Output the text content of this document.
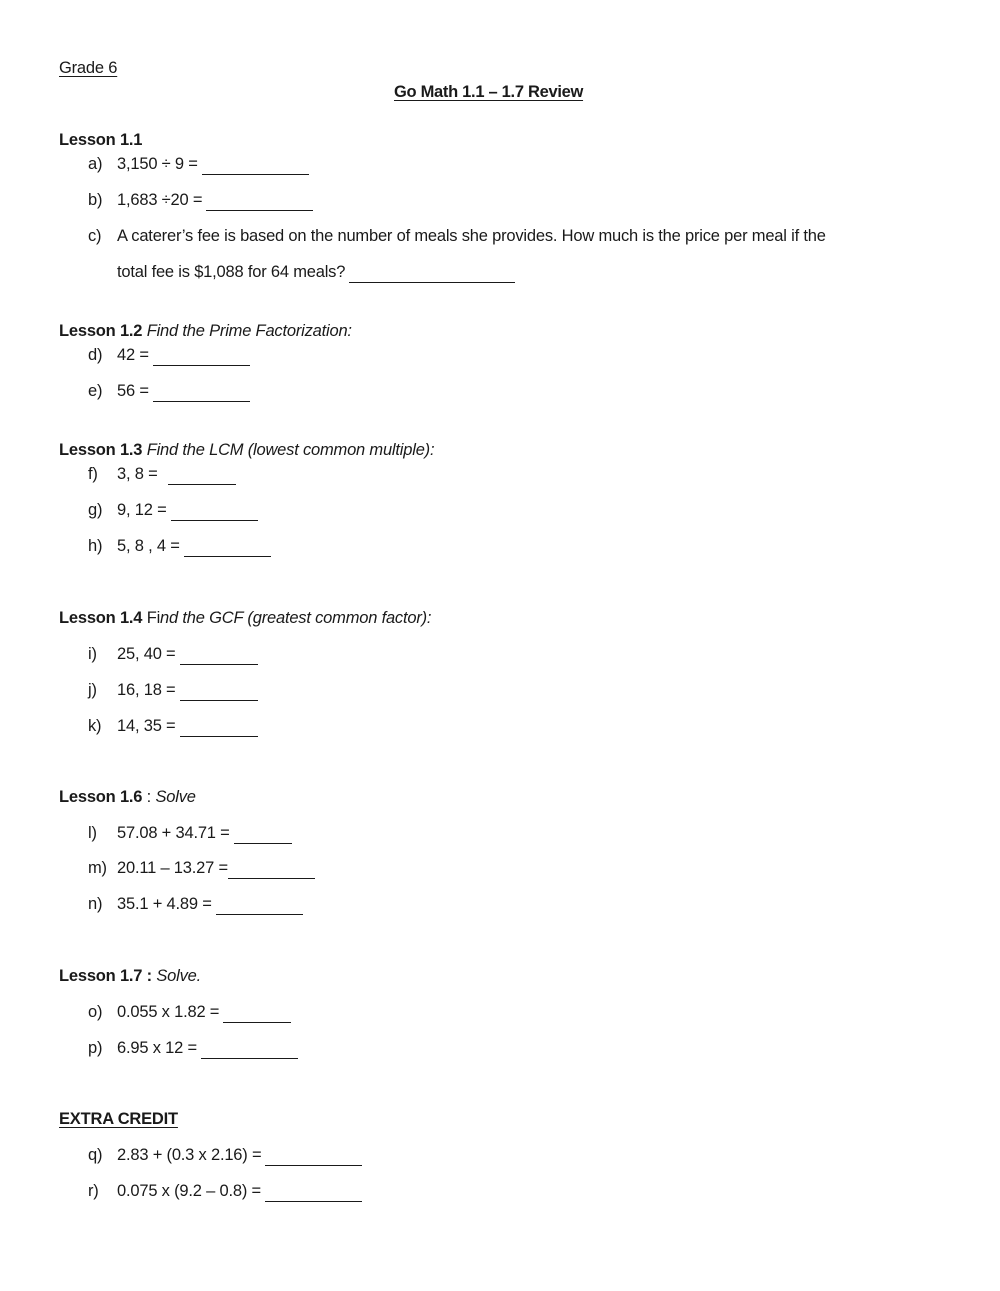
Grade 6
Go Math 1.1 – 1.7 Review
Lesson 1.1
a) 3,150 ÷ 9 =
b) 1,683 ÷20 =
c) A caterer’s fee is based on the number of meals she provides. How much is the price per meal if the
total fee is $1,088 for 64 meals?
Lesson 1.2 Find the Prime Factorization:
d) 42 =
e) 56 =
Lesson 1.3 Find the LCM (lowest common multiple):
f)	3, 8 =
g) 9, 12 =
h) 5, 8 , 4 =
Lesson 1.4 Find the GCF (greatest common factor):
i)	25, 40 =
j)	16, 18 =
k) 14, 35 =
Lesson 1.6 : Solve
l)	57.08 + 34.71 =
m) 20.11 – 13.27 =
n) 35.1 + 4.89 =
Lesson 1.7 : Solve.
o) 0.055 x 1.82 =
p) 6.95 x 12 =
EXTRA CREDIT
q) 2.83 + (0.3 x 2.16) =
r)	0.075 x (9.2 – 0.8) =
